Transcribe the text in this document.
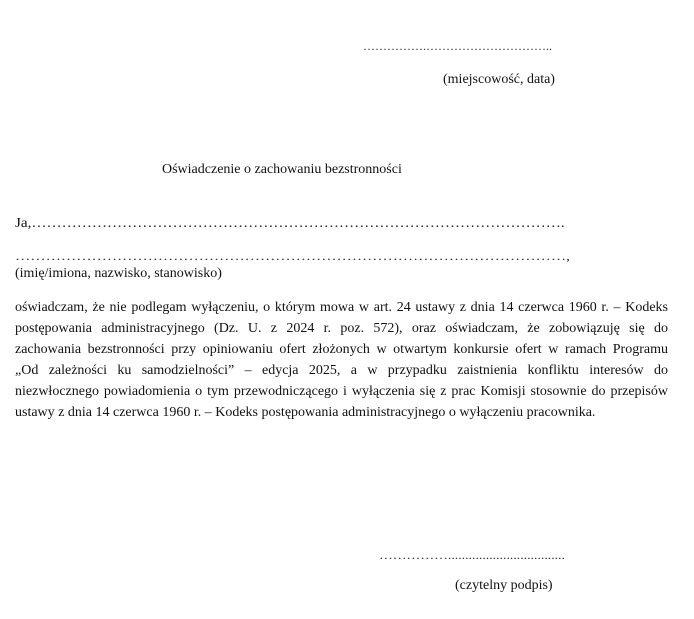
…………….…………………………..
(miejscowość, data)
Oświadczenie o zachowaniu bezstronności
Ja,…………………………………………………………………………………………….
………………………………………………………………………………………………,
(imię/imiona, nazwisko, stanowisko)
oświadczam, że nie podlegam wyłączeniu, o którym mowa w art. 24 ustawy z dnia 14 czerwca 1960 r. – Kodeks
postępowania administracyjnego (Dz. U. z 2024 r. poz. 572), oraz oświadczam, że zobowiązuję się do
zachowania bezstronności przy opiniowaniu ofert złożonych w otwartym konkursie ofert w ramach Programu
„Od zależności ku samodzielności” – edycja 2025, a w przypadku zaistnienia konfliktu interesów do
niezwłocznego powiadomienia o tym przewodniczącego i wyłączenia się z prac Komisji stosownie do przepisów
ustawy z dnia 14 czerwca 1960 r. – Kodeks postępowania administracyjnego o wyłączeniu pracownika.
……………..................................
(czytelny podpis)
